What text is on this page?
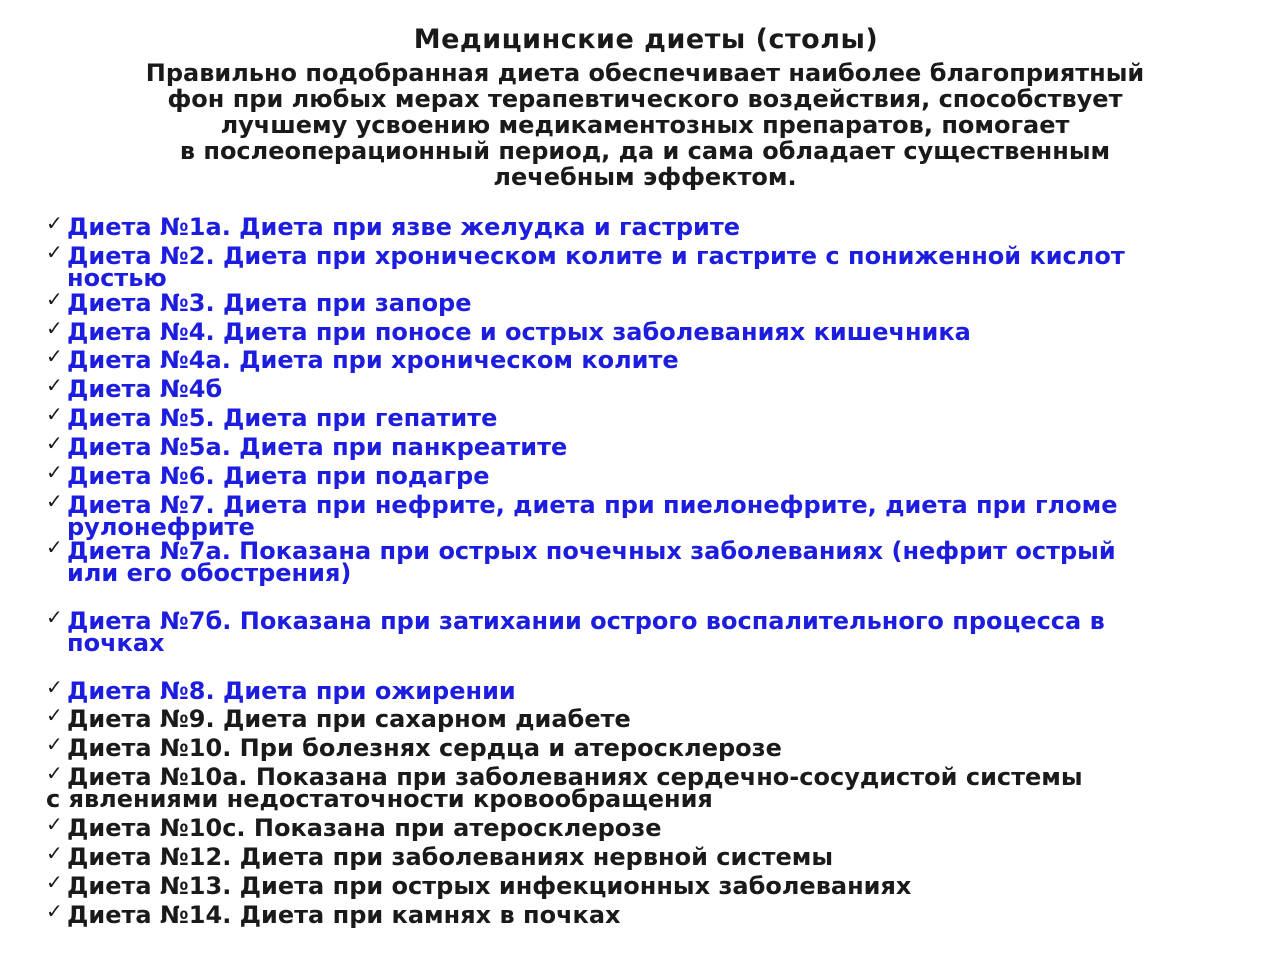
Медицинские диеты (столы)

Правильно подобранная диета обеспечивает наиболее благоприятный
фон при любых мерах терапевтического воздействия, способствует
лучшему усвоению медикаментозных препаратов, помогает
в послеоперационный период, да и сама обладает существенным
лечебным эффектом.

✓ Диета №1а. Диета при язве желудка и гастрите
✓ Диета №2. Диета при хроническом колите и гастрите с пониженной кислот
ностью
✓ Диета №3. Диета при запоре
✓ Диета №4. Диета при поносе и острых заболеваниях кишечника
✓ Диета №4а. Диета при хроническом колите
✓ Диета №4б
✓ Диета №5. Диета при гепатите
✓ Диета №5а. Диета при панкреатите
✓ Диета №6. Диета при подагре
✓ Диета №7. Диета при нефрите, диета при пиелонефрите, диета при гломе
рулонефрите
✓ Диета №7а. Показана при острых почечных заболеваниях (нефрит острый
или его обострения)
✓ Диета №7б. Показана при затихании острого воспалительного процесса в
почках
✓ Диета №8. Диета при ожирении
✓ Диета №9. Диета при сахарном диабете
✓ Диета №10. При болезнях сердца и атеросклерозе
✓ Диета №10а. Показана при заболеваниях сердечно-сосудистой системы
с явлениями недостаточности кровообращения
✓ Диета №10с. Показана при атеросклерозе
✓ Диета №12. Диета при заболеваниях нервной системы
✓ Диета №13. Диета при острых инфекционных заболеваниях
✓ Диета №14. Диета при камнях в почках
